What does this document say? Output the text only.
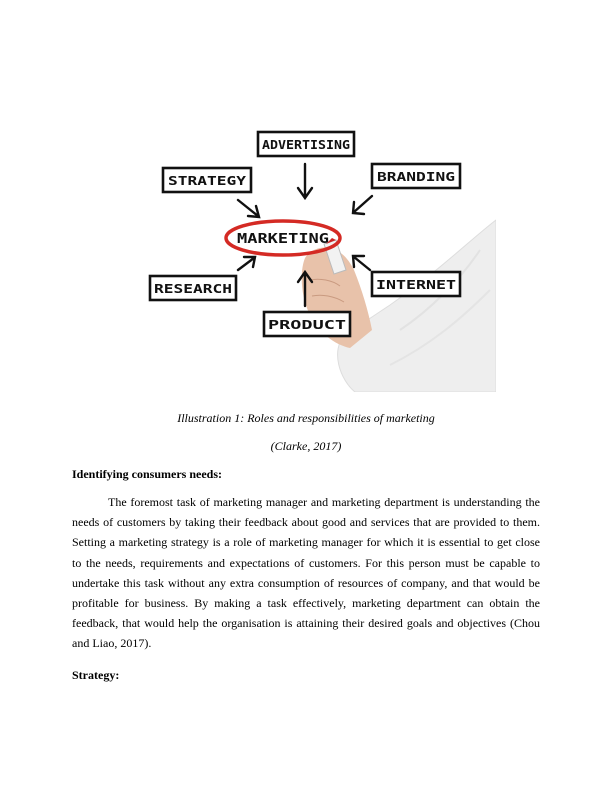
MARKETING
ADVERTISING
STRATEGY	BRANDING
RESEARCH	INTERNET
PRODUCT
Illustration 1: Roles and responsibilities of marketing
(Clarke, 2017)
Identifying consumers needs:

The foremost task of marketing manager and marketing department is understanding the needs of customers by taking their feedback about good and services that are provided to them. Setting a marketing strategy is a role of marketing manager for which it is essential to get close to the needs, requirements and expectations of customers. For this person must be capable to undertake this task without any extra consumption of resources of company, and that would be profitable for business. By making a task effectively, marketing department can obtain the feedback, that would help the organisation is attaining their desired goals and objectives (Chou and Liao, 2017).

Strategy:
